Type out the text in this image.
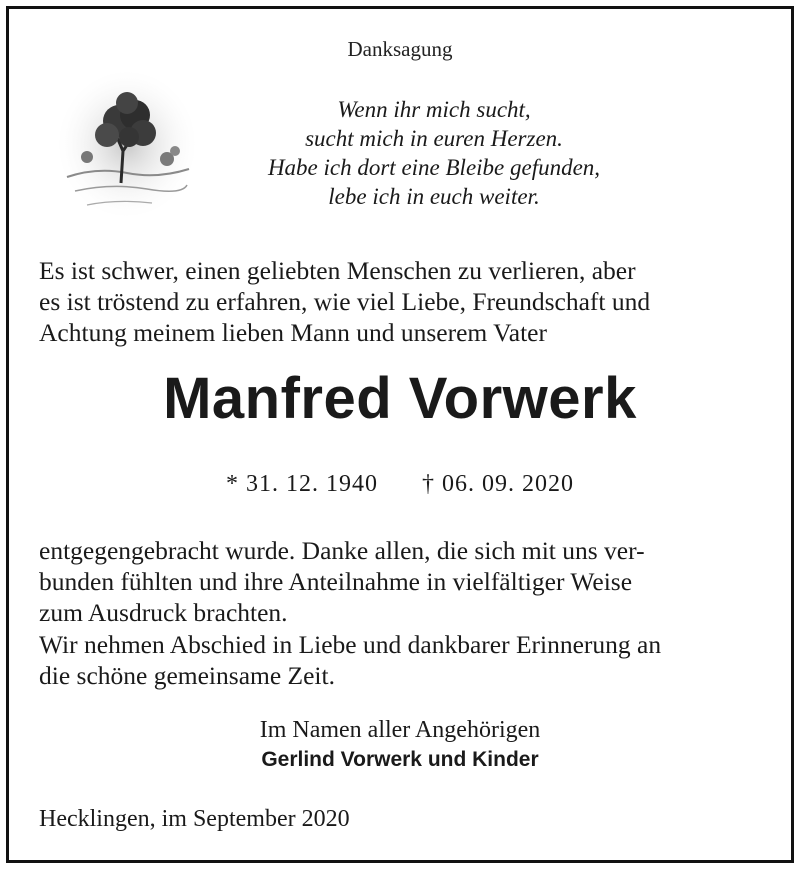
Danksagung
Wenn ihr mich sucht,
sucht mich in euren Herzen.
Habe ich dort eine Bleibe gefunden,
lebe ich in euch weiter.
Es ist schwer, einen geliebten Menschen zu verlieren, aber
es ist tröstend zu erfahren, wie viel Liebe, Freundschaft und
Achtung meinem lieben Mann und unserem Vater
Manfred Vorwerk
* 31. 12. 1940 † 06. 09. 2020
entgegengebracht wurde. Danke allen, die sich mit uns ver-
bunden fühlten und ihre Anteilnahme in vielfältiger Weise
zum Ausdruck brachten.
Wir nehmen Abschied in Liebe und dankbarer Erinnerung an
die schöne gemeinsame Zeit.
Im Namen aller Angehörigen
Gerlind Vorwerk und Kinder
Hecklingen, im September 2020
